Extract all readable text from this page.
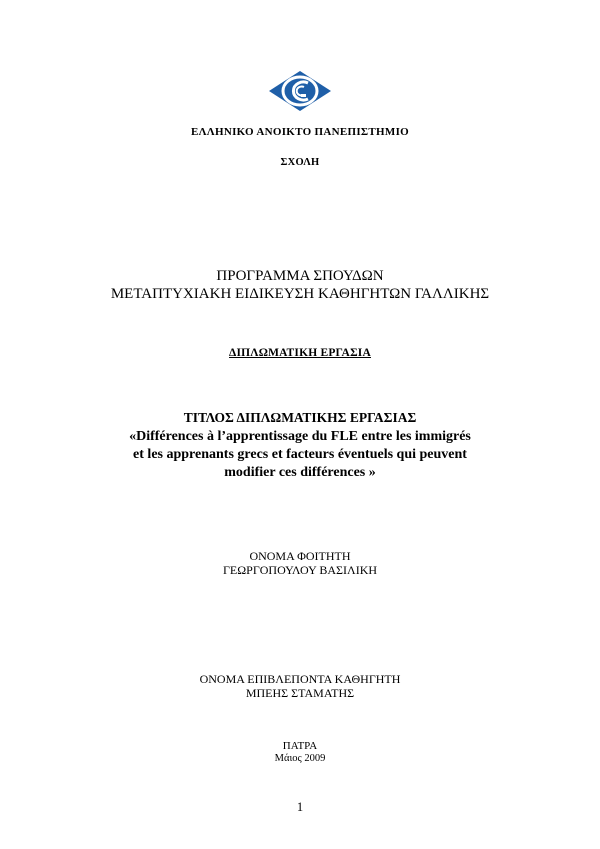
ΕΛΛΗΝΙΚΟ ΑΝΟΙΚΤΟ ΠΑΝΕΠΙΣΤΗΜΙΟ
ΣΧΟΛΗ
ΠΡΟΓΡΑΜΜΑ ΣΠΟΥΔΩΝ
ΜΕΤΑΠΤΥΧΙΑΚΗ ΕΙΔΙΚΕΥΣΗ ΚΑΘΗΓΗΤΩΝ ΓΑΛΛΙΚΗΣ
ΔΙΠΛΩΜΑΤΙΚΗ ΕΡΓΑΣΙΑ
ΤΙΤΛΟΣ ΔΙΠΛΩΜΑΤΙΚΗΣ ΕΡΓΑΣΙΑΣ
«Différences à l’apprentissage du FLE entre les immigrés
et les apprenants grecs et facteurs éventuels qui peuvent
modifier ces différences »
ΟΝΟΜΑ ΦΟΙΤΗΤΗ
ΓΕΩΡΓΟΠΟΥΛΟΥ ΒΑΣΙΛΙΚΗ
ΟΝΟΜΑ ΕΠΙΒΛΕΠΟΝΤΑ ΚΑΘΗΓΗΤΗ
ΜΠΕΗΣ ΣΤΑΜΑΤΗΣ
ΠΑΤΡΑ
Μάιος 2009
1
